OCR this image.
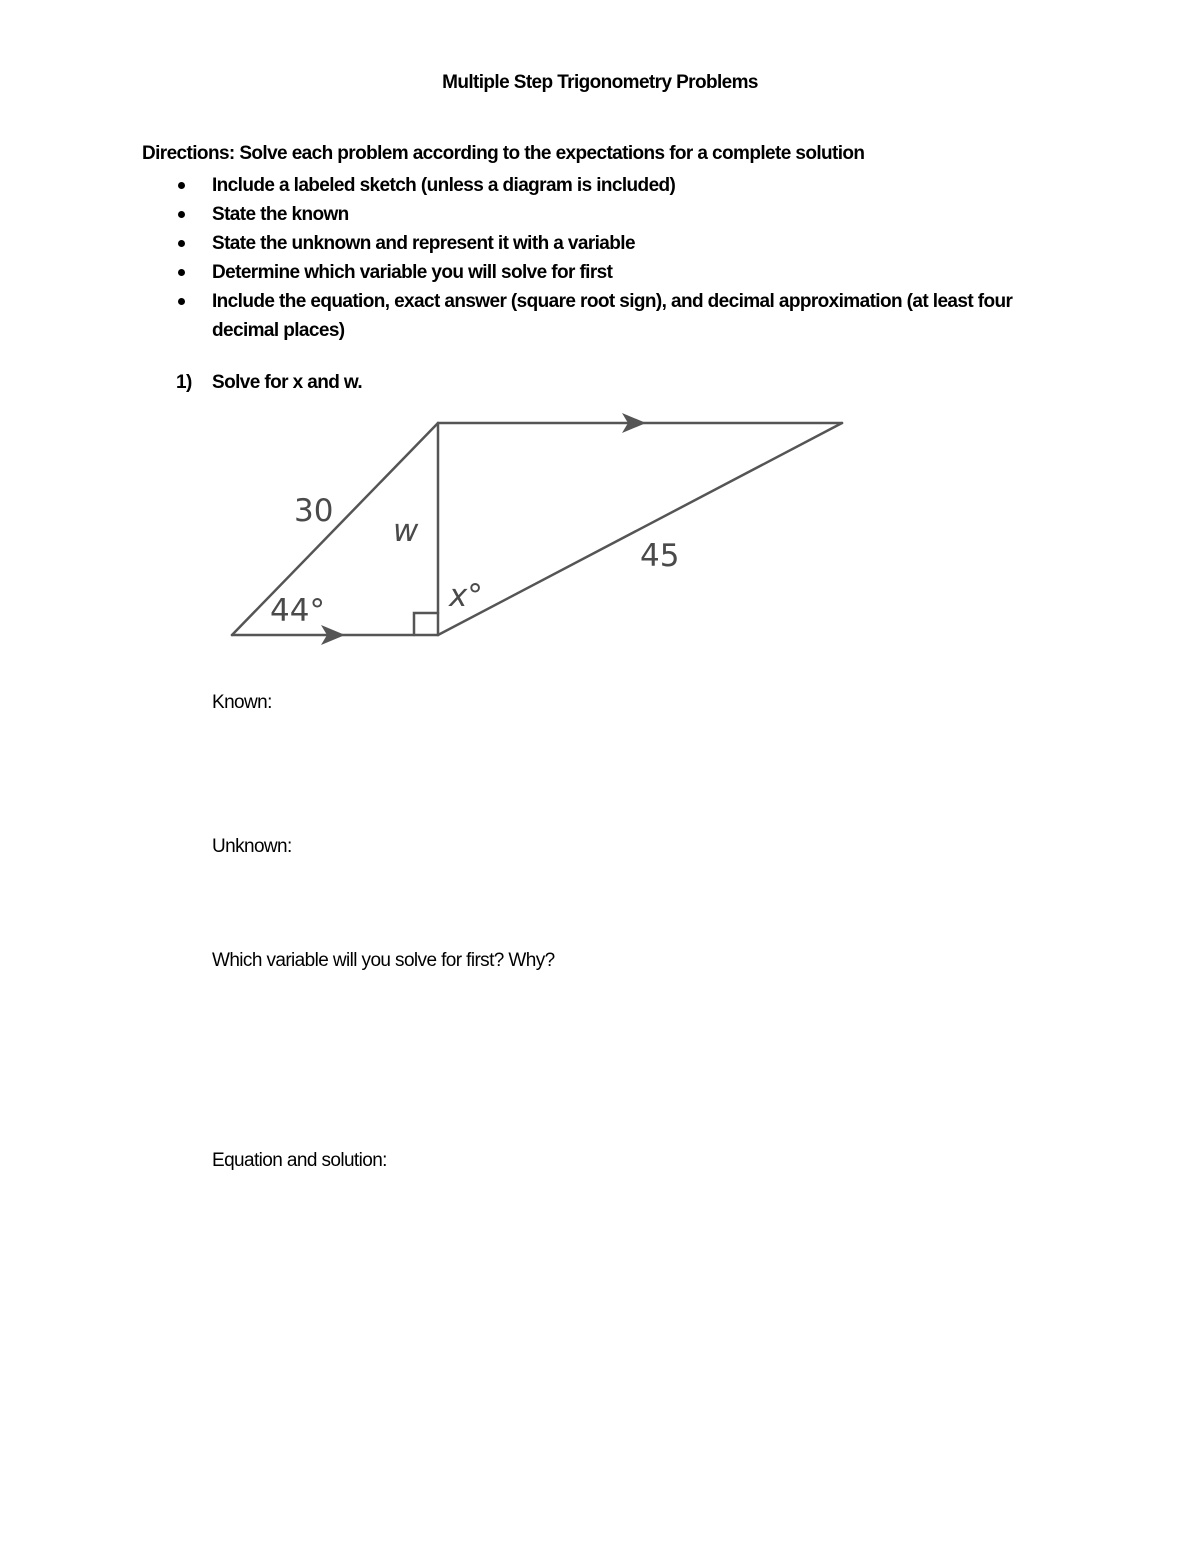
Multiple Step Trigonometry Problems
Directions: Solve each problem according to the expectations for a complete solution
Include a labeled sketch (unless a diagram is included)
State the known
State the unknown and represent it with a variable
Determine which variable you will solve for first
Include the equation, exact answer (square root sign), and decimal approximation (at least four decimal places)
1) Solve for x and w.
30
w
45
44°	x°
Known:
Unknown:
Which variable will you solve for first? Why?
Equation and solution:
